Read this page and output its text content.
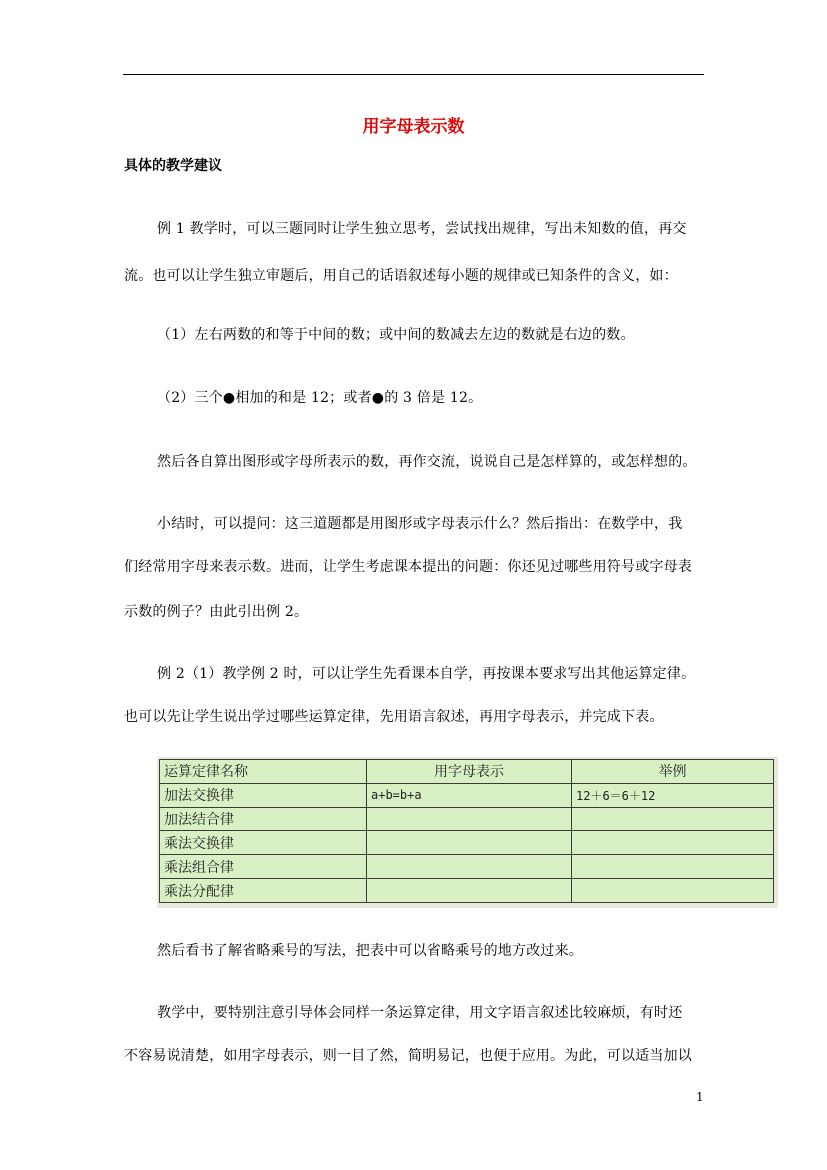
用字母表示数
具体的教学建议
例 1 教学时，可以三题同时让学生独立思考，尝试找出规律，写出未知数的值，再交
流。也可以让学生独立审题后，用自己的话语叙述每小题的规律或已知条件的含义，如：
（1）左右两数的和等于中间的数；或中间的数减去左边的数就是右边的数。
（2）三个●相加的和是 12；或者●的 3 倍是 12。
然后各自算出图形或字母所表示的数，再作交流，说说自己是怎样算的，或怎样想的。
小结时，可以提问：这三道题都是用图形或字母表示什么？然后指出：在数学中，我
们经常用字母来表示数。进而，让学生考虑课本提出的问题：你还见过哪些用符号或字母表
示数的例子？由此引出例 2。
例 2（1）教学例 2 时，可以让学生先看课本自学，再按课本要求写出其他运算定律。
也可以先让学生说出学过哪些运算定律，先用语言叙述，再用字母表示，并完成下表。
运算定律名称	用字母表示	举例
加法交换律	a+b=b+a	12＋6＝6＋12
加法结合律		
乘法交换律		
乘法组合律		
乘法分配律		
然后看书了解省略乘号的写法，把表中可以省略乘号的地方改过来。
教学中，要特别注意引导体会同样一条运算定律，用文字语言叙述比较麻烦，有时还
不容易说清楚，如用字母表示，则一目了然，简明易记，也便于应用。为此，可以适当加以
1
